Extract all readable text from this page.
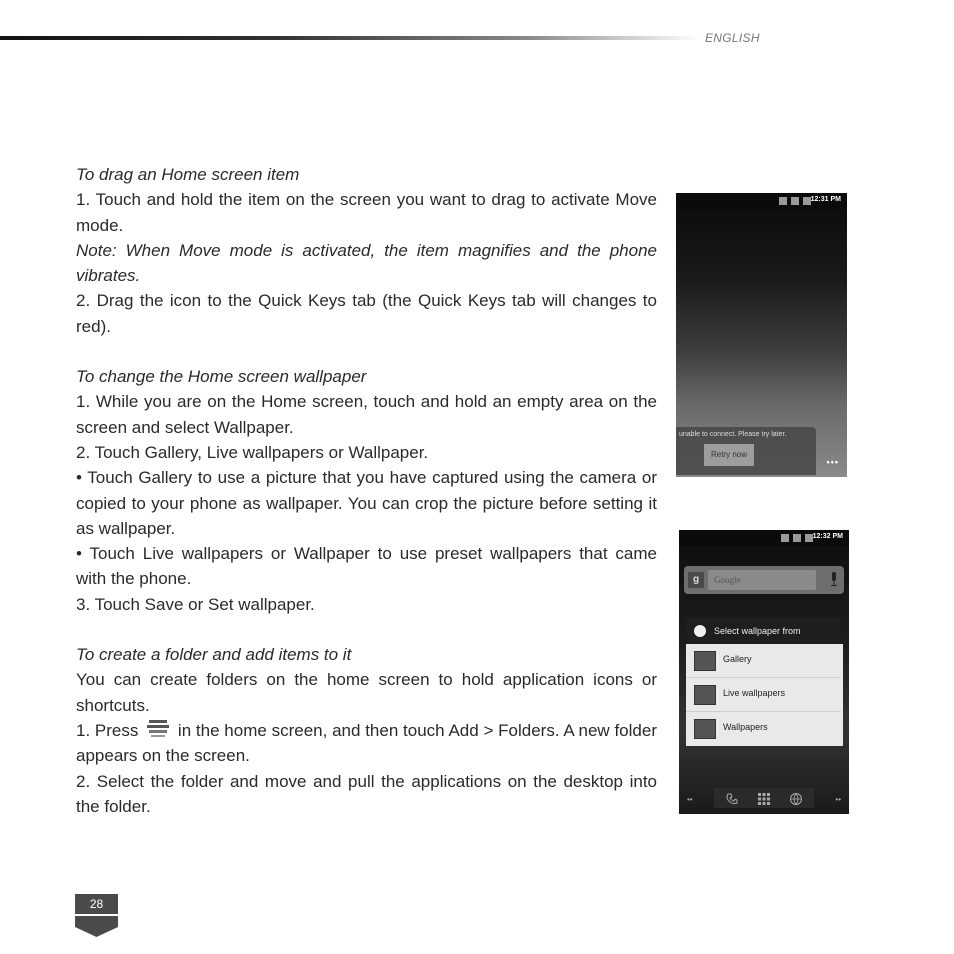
ENGLISH

To drag an Home screen item

1. Touch and hold the item on the screen you want to drag to activate Move mode.

Note: When Move mode is activated, the item magnifies and the phone vibrates.

2. Drag the icon to the Quick Keys tab (the Quick Keys tab will changes to red).

To change the Home screen wallpaper

1. While you are on the Home screen, touch and hold an empty area on the screen and select Wallpaper.

2. Touch Gallery, Live wallpapers or Wallpaper.

• Touch Gallery to use a picture that you have captured using the camera or copied to your phone as wallpaper. You can crop the picture before setting it as wallpaper.

• Touch Live wallpapers or Wallpaper to use preset wallpapers that came with the phone.

3. Touch Save or Set wallpaper.

To create a folder and add items to it

You can create folders on the home screen to hold application icons or shortcuts.

1. Press in the home screen, and then touch Add > Folders. A new folder appears on the screen.

2. Select the folder and move and pull the applications on the desktop into the folder.

12:31 PM
unable to connect. Please try later.
Retry now
•••
12:32 PM
g	Google
Select wallpaper from
Gallery
Live wallpapers
Wallpapers
••	••
28
